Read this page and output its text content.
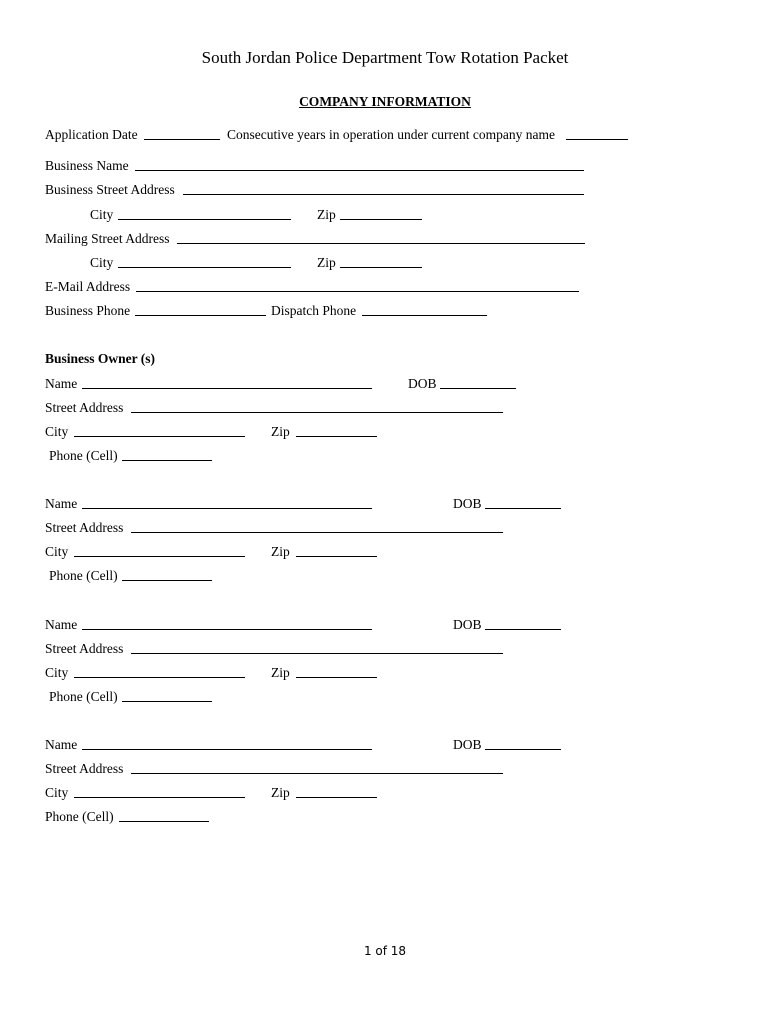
South Jordan Police Department Tow Rotation Packet
COMPANY INFORMATION
Application Date	Consecutive years in operation under current company name
Business Name
Business Street Address
City	Zip
Mailing Street Address
City	Zip
E-Mail Address
Business Phone	Dispatch Phone
Business Owner (s)
Name	DOB
Street Address
City	Zip
Phone (Cell)
Name	DOB
Street Address
City	Zip
Phone (Cell)
Name	DOB
Street Address
City	Zip
Phone (Cell)
Name	DOB
Street Address
City	Zip
Phone (Cell)
1 of 18
